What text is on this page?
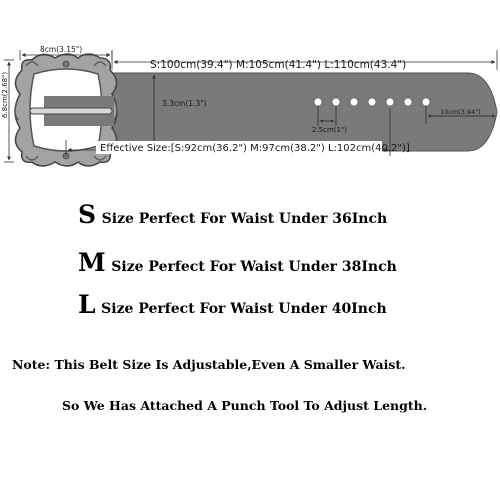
8cm(3.15")
6.8cm(2.68")
S:100cm(39.4") M:105cm(41.4") L:110cm(43.4")
3.3cm(1.3")
2.5cm(1")
10cm(3.94")
Effective Size:[S:92cm(36.2") M:97cm(38.2") L:102cm(40.2")]
S Size Perfect For Waist Under 36Inch
M Size Perfect For Waist Under 38Inch
L Size Perfect For Waist Under 40Inch
Note: This Belt Size Is Adjustable,Even A Smaller Waist.
So We Has Attached A Punch Tool To Adjust Length.
